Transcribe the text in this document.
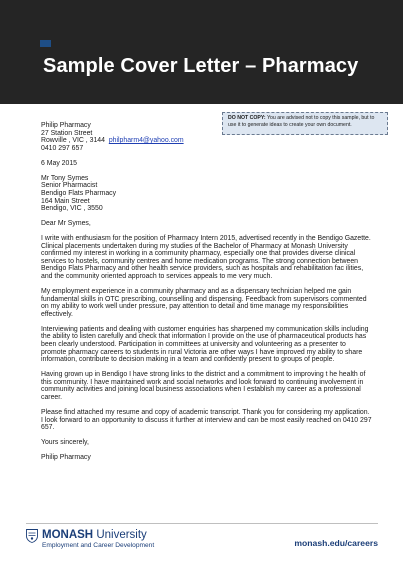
Sample Cover Letter – Pharmacy
DO NOT COPY: You are advised not to copy this sample, but to
use it to generate ideas to create your own document.
Philip Pharmacy
27 Station Street
Rowville , VIC , 3144 philpharm4@yahoo.com
0410 297 657
6 May 2015
Mr Tony Symes
Senior Pharmacist
Bendigo Flats Pharmacy
164 Main Street
Bendigo, VIC , 3550
Dear Mr Symes,
I write with enthusiasm for the position of Pharmacy Intern 2015, advertised recently in the Bendigo Gazette.
Clinical placements undertaken during my studies of the Bachelor of Pharmacy at Monash University
confirmed my interest in working in a community pharmacy, especially one that provides diverse clinical
services to hostels, community centres and home medication programs. The strong connection between
Bendigo Flats Pharmacy and other health service providers, such as hospitals and rehabilitation fac ilities,
and the community oriented approach to services appeals to me very much.
My employment experience in a community pharmacy and as a dispensary technician helped me gain
fundamental skills in OTC prescribing, counselling and dispensing. Feedback from supervisors commented
on my ability to work well under pressure, pay attention to detail and time manage my responsibilities
effectively.
Interviewing patients and dealing with customer enquiries has sharpened my communication skills including
the ability to listen carefully and check that information I provide on the use of pharmaceutical products has
been clearly understood. Participation in committees at university and volunteering as a presenter to
promote pharmacy careers to students in rural Victoria are other ways I have improved my ability to share
information, contribute to decision making in a team and confidently present to groups of people.
Having grown up in Bendigo I have strong links to the district and a commitment to improving t he health of
this community. I have maintained work and social networks and look forward to continuing involvement in
community activities and joining local business associations when I establish my career as a professional
career.
Please find attached my resume and copy of academic transcript. Thank you for considering my application.
I look forward to an opportunity to discuss it further at interview and can be most easily reached on 0410 297
657.
Yours sincerely,
Philip Pharmacy
MONASH University
Employment and Career Development	monash.edu/careers
